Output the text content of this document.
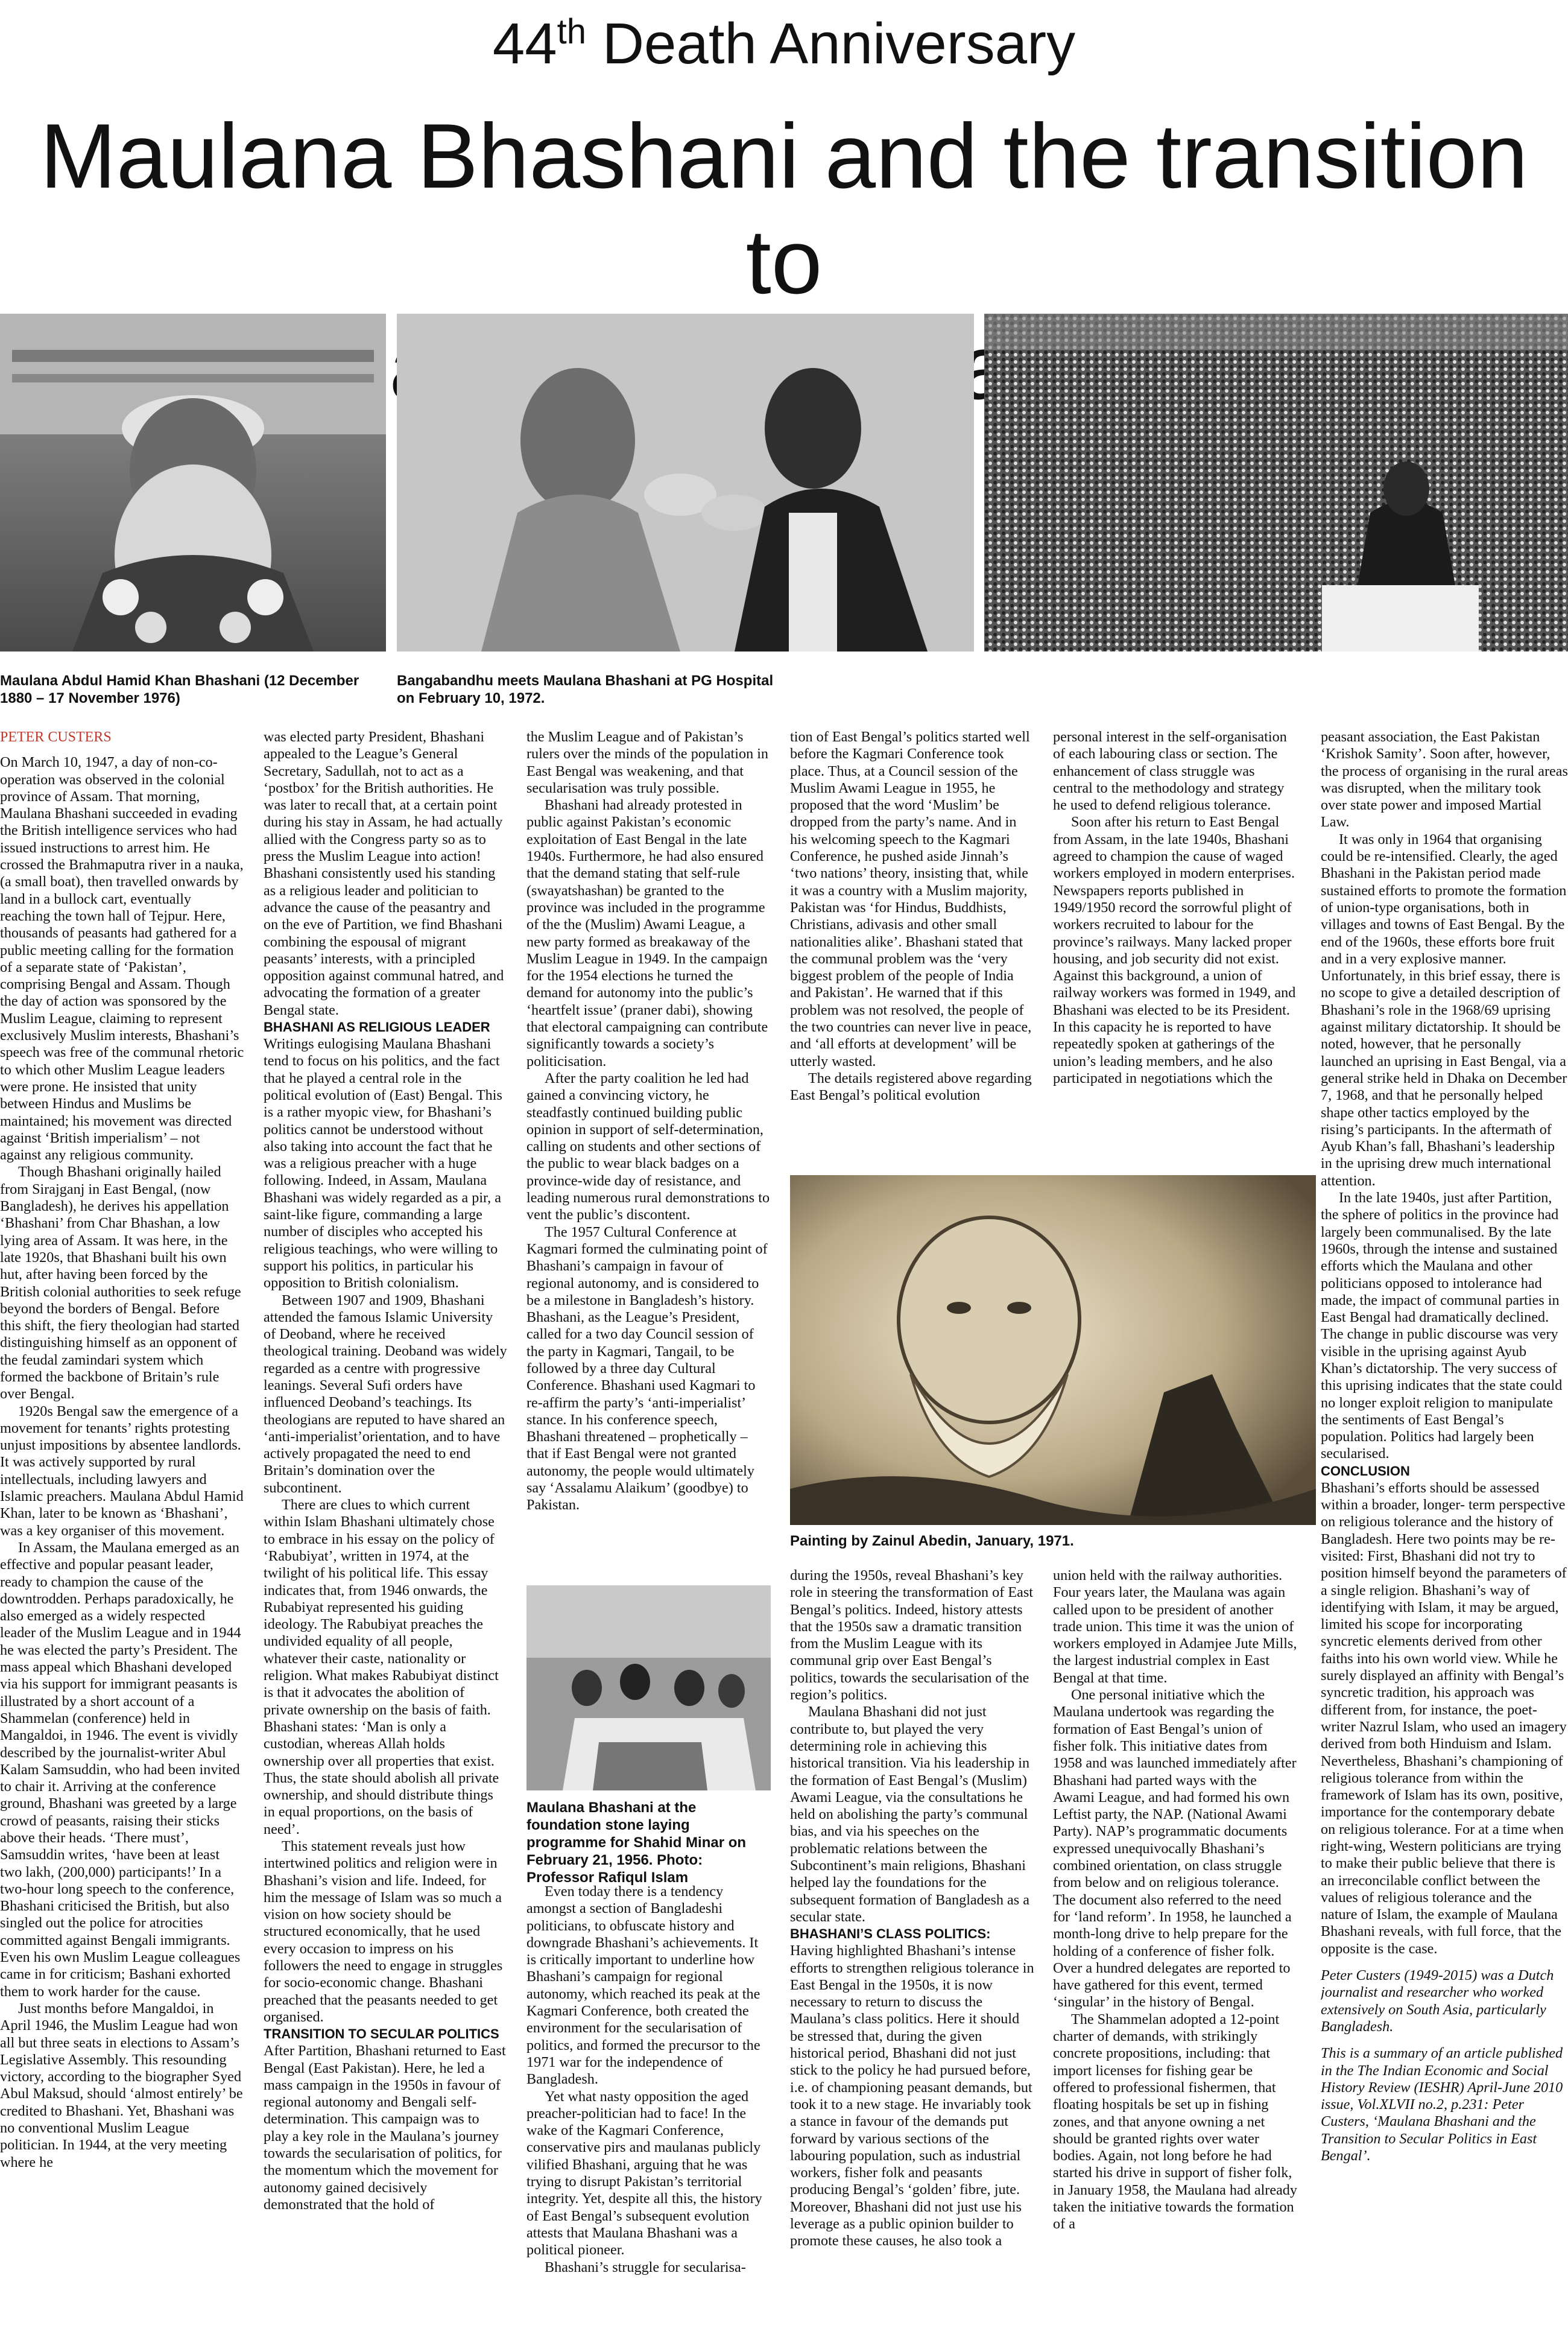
44th Death Anniversary
Maulana Bhashani and the transition to
Maulana Abdul Hamid Khan Bhashani (12 December 1880 – 17 November 1976)
Bangabandhu meets Maulana Bhashani at PG Hospital on February 10, 1972.
PETER CUSTERS

On March 10, 1947, a day of non-co-operation was observed in the colonial province of Assam. That morning, Maulana Bhashani succeeded in evading the British intelligence services who had issued instructions to arrest him. He crossed the Brahmaputra river in a nauka, (a small boat), then travelled onwards by land in a bullock cart, eventually reaching the town hall of Tejpur. Here, thousands of peasants had gathered for a public meeting calling for the formation of a separate state of ‘Pakistan’, comprising Bengal and Assam. Though the day of action was sponsored by the Muslim League, claiming to represent exclusively Muslim interests, Bhashani’s speech was free of the communal rhetoric to which other Muslim League leaders were prone. He insisted that unity between Hindus and Muslims be maintained; his movement was directed against ‘British imperialism’ – not against any religious community.

Though Bhashani originally hailed from Sirajganj in East Bengal, (now Bangladesh), he derives his appellation ‘Bhashani’ from Char Bhashan, a low lying area of Assam. It was here, in the late 1920s, that Bhashani built his own hut, after having been forced by the British colonial authorities to seek refuge beyond the borders of Bengal. Before this shift, the fiery theologian had started distinguishing himself as an opponent of the feudal zamindari system which formed the backbone of Britain’s rule over Bengal.

1920s Bengal saw the emergence of a movement for tenants’ rights protesting unjust impositions by absentee landlords. It was actively supported by rural intellectuals, including lawyers and Islamic preachers. Maulana Abdul Hamid Khan, later to be known as ‘Bhashani’, was a key organiser of this movement.

In Assam, the Maulana emerged as an effective and popular peasant leader, ready to champion the cause of the downtrodden. Perhaps paradoxically, he also emerged as a widely respected leader of the Muslim League and in 1944 he was elected the party’s President. The mass appeal which Bhashani developed via his support for immigrant peasants is illustrated by a short account of a Shammelan (conference) held in Mangaldoi, in 1946. The event is vividly described by the journalist-writer Abul Kalam Samsuddin, who had been invited to chair it. Arriving at the conference ground, Bhashani was greeted by a large crowd of peasants, raising their sticks above their heads. ‘There must’, Samsuddin writes, ‘have been at least two lakh, (200,000) participants!’ In a two-hour long speech to the conference, Bhashani criticised the British, but also singled out the police for atrocities committed against Bengali immigrants. Even his own Muslim League colleagues came in for criticism; Bashani exhorted them to work harder for the cause.

Just months before Mangaldoi, in April 1946, the Muslim League had won all but three seats in elections to Assam’s Legislative Assembly. This resounding victory, according to the biographer Syed Abul Maksud, should ‘almost entirely’ be credited to Bhashani. Yet, Bhashani was no conventional Muslim League politician. In 1944, at the very meeting where he

was elected party President, Bhashani appealed to the League’s General Secretary, Sadullah, not to act as a ‘postbox’ for the British authorities. He was later to recall that, at a certain point during his stay in Assam, he had actually allied with the Congress party so as to press the Muslim League into action! Bhashani consistently used his standing as a religious leader and politician to advance the cause of the peasantry and on the eve of Partition, we find Bhashani combining the espousal of migrant peasants’ interests, with a principled opposition against communal hatred, and advocating the formation of a greater Bengal state.

BHASHANI AS RELIGIOUS LEADER

Writings eulogising Maulana Bhashani tend to focus on his politics, and the fact that he played a central role in the political evolution of (East) Bengal. This is a rather myopic view, for Bhashani’s politics cannot be understood without also taking into account the fact that he was a religious preacher with a huge following. Indeed, in Assam, Maulana Bhashani was widely regarded as a pir, a saint-like figure, commanding a large number of disciples who accepted his religious teachings, who were willing to support his politics, in particular his opposition to British colonialism.

Between 1907 and 1909, Bhashani attended the famous Islamic University of Deoband, where he received theological training. Deoband was widely regarded as a centre with progressive leanings. Several Sufi orders have influenced Deoband’s teachings. Its theologians are reputed to have shared an ‘anti-imperialist’orientation, and to have actively propagated the need to end Britain’s domination over the subcontinent.

There are clues to which current within Islam Bhashani ultimately chose to embrace in his essay on the policy of ‘Rabubiyat’, written in 1974, at the twilight of his political life. This essay indicates that, from 1946 onwards, the Rubabiyat represented his guiding ideology. The Rabubiyat preaches the undivided equality of all people, whatever their caste, nationality or religion. What makes Rabubiyat distinct is that it advocates the abolition of private ownership on the basis of faith. Bhashani states: ‘Man is only a custodian, whereas Allah holds ownership over all properties that exist. Thus, the state should abolish all private ownership, and should distribute things in equal proportions, on the basis of need’.

This statement reveals just how intertwined politics and religion were in Bhashani’s vision and life. Indeed, for him the message of Islam was so much a vision on how society should be structured economically, that he used every occasion to impress on his followers the need to engage in struggles for socio-economic change. Bhashani preached that the peasants needed to get organised.

TRANSITION TO SECULAR POLITICS

After Partition, Bhashani returned to East Bengal (East Pakistan). Here, he led a mass campaign in the 1950s in favour of regional autonomy and Bengali self-determination. This campaign was to play a key role in the Maulana’s journey towards the secularisation of politics, for the momentum which the movement for autonomy gained decisively demonstrated that the hold of

the Muslim League and of Pakistan’s rulers over the minds of the population in East Bengal was weakening, and that secularisation was truly possible.

Bhashani had already protested in public against Pakistan’s economic exploitation of East Bengal in the late 1940s. Furthermore, he had also ensured that the demand stating that self-rule (swayatshashan) be granted to the province was included in the programme of the the (Muslim) Awami League, a new party formed as breakaway of the Muslim League in 1949. In the campaign for the 1954 elections he turned the demand for autonomy into the public’s ‘heartfelt issue’ (praner dabi), showing that electoral campaigning can contribute significantly towards a society’s politicisation.

After the party coalition he led had gained a convincing victory, he steadfastly continued building public opinion in support of self-determination, calling on students and other sections of the public to wear black badges on a province-wide day of resistance, and leading numerous rural demonstrations to vent the public’s discontent.

The 1957 Cultural Conference at Kagmari formed the culminating point of Bhashani’s campaign in favour of regional autonomy, and is considered to be a milestone in Bangladesh’s history. Bhashani, as the League’s President, called for a two day Council session of the party in Kagmari, Tangail, to be followed by a three day Cultural Conference. Bhashani used Kagmari to re-affirm the party’s ‘anti-imperialist’ stance. In his conference speech, Bhashani threatened – prophetically – that if East Bengal were not granted autonomy, the people would ultimately say ‘Assalamu Alaikum’ (goodbye) to Pakistan.

Maulana Bhashani at the foundation stone laying programme for Shahid Minar on February 21, 1956. Photo: Professor Rafiqul Islam

Even today there is a tendency amongst a section of Bangladeshi politicians, to obfuscate history and downgrade Bhashani’s achievements. It is critically important to underline how Bhashani’s campaign for regional autonomy, which reached its peak at the Kagmari Conference, both created the environment for the secularisation of politics, and formed the precursor to the 1971 war for the independence of Bangladesh.

Yet what nasty opposition the aged preacher-politician had to face! In the wake of the Kagmari Conference, conservative pirs and maulanas publicly vilified Bhashani, arguing that he was trying to disrupt Pakistan’s territorial integrity. Yet, despite all this, the history of East Bengal’s subsequent evolution attests that Maulana Bhashani was a political pioneer.

Bhashani’s struggle for secularisa-

tion of East Bengal’s politics started well before the Kagmari Conference took place. Thus, at a Council session of the Muslim Awami League in 1955, he proposed that the word ‘Muslim’ be dropped from the party’s name. And in his welcoming speech to the Kagmari Conference, he pushed aside Jinnah’s ‘two nations’ theory, insisting that, while it was a country with a Muslim majority, Pakistan was ‘for Hindus, Buddhists, Christians, adivasis and other small nationalities alike’. Bhashani stated that the communal problem was the ‘very biggest problem of the people of India and Pakistan’. He warned that if this problem was not resolved, the people of the two countries can never live in peace, and ‘all efforts at development’ will be utterly wasted.

The details registered above regarding East Bengal’s political evolution

personal interest in the self-organisation of each labouring class or section. The enhancement of class struggle was central to the methodology and strategy he used to defend religious tolerance.

Soon after his return to East Bengal from Assam, in the late 1940s, Bhashani agreed to champion the cause of waged workers employed in modern enterprises. Newspapers reports published in 1949/1950 record the sorrowful plight of workers recruited to labour for the province’s railways. Many lacked proper housing, and job security did not exist. Against this background, a union of railway workers was formed in 1949, and Bhashani was elected to be its President. In this capacity he is reported to have repeatedly spoken at gatherings of the union’s leading members, and he also participated in negotiations which the

Painting by Zainul Abedin, January, 1971.

during the 1950s, reveal Bhashani’s key role in steering the transformation of East Bengal’s politics. Indeed, history attests that the 1950s saw a dramatic transition from the Muslim League with its communal grip over East Bengal’s politics, towards the secularisation of the region’s politics.

Maulana Bhashani did not just contribute to, but played the very determining role in achieving this historical transition. Via his leadership in the formation of East Bengal’s (Muslim) Awami League, via the consultations he held on abolishing the party’s communal bias, and via his speeches on the problematic relations between the Subcontinent’s main religions, Bhashani helped lay the foundations for the subsequent formation of Bangladesh as a secular state.

BHASHANI’S CLASS POLITICS:

Having highlighted Bhashani’s intense efforts to strengthen religious tolerance in East Bengal in the 1950s, it is now necessary to return to discuss the Maulana’s class politics. Here it should be stressed that, during the given historical period, Bhashani did not just stick to the policy he had pursued before, i.e. of championing peasant demands, but took it to a new stage. He invariably took a stance in favour of the demands put forward by various sections of the labouring population, such as industrial workers, fisher folk and peasants producing Bengal’s ‘golden’ fibre, jute. Moreover, Bhashani did not just use his leverage as a public opinion builder to promote these causes, he also took a

union held with the railway authorities. Four years later, the Maulana was again called upon to be president of another trade union. This time it was the union of workers employed in Adamjee Jute Mills, the largest industrial complex in East Bengal at that time.

One personal initiative which the Maulana undertook was regarding the formation of East Bengal’s union of fisher folk. This initiative dates from 1958 and was launched immediately after Bhashani had parted ways with the Awami League, and had formed his own Leftist party, the NAP. (National Awami Party). NAP’s programmatic documents expressed unequivocally Bhashani’s combined orientation, on class struggle from below and on religious tolerance. The document also referred to the need for ‘land reform’. In 1958, he launched a month-long drive to help prepare for the holding of a conference of fisher folk. Over a hundred delegates are reported to have gathered for this event, termed ‘singular’ in the history of Bengal.

The Shammelan adopted a 12-point charter of demands, with strikingly concrete propositions, including: that import licenses for fishing gear be offered to professional fishermen, that floating hospitals be set up in fishing zones, and that anyone owning a net should be granted rights over water bodies. Again, not long before he had started his drive in support of fisher folk, in January 1958, the Maulana had already taken the initiative towards the formation of a

peasant association, the East Pakistan ‘Krishok Samity’. Soon after, however, the process of organising in the rural areas was disrupted, when the military took over state power and imposed Martial Law.

It was only in 1964 that organising could be re-intensified. Clearly, the aged Bhashani in the Pakistan period made sustained efforts to promote the formation of union-type organisations, both in villages and towns of East Bengal. By the end of the 1960s, these efforts bore fruit and in a very explosive manner. Unfortunately, in this brief essay, there is no scope to give a detailed description of Bhashani’s role in the 1968/69 uprising against military dictatorship. It should be noted, however, that he personally launched an uprising in East Bengal, via a general strike held in Dhaka on December 7, 1968, and that he personally helped shape other tactics employed by the rising’s participants. In the aftermath of Ayub Khan’s fall, Bhashani’s leadership in the uprising drew much international attention.

In the late 1940s, just after Partition, the sphere of politics in the province had largely been communalised. By the late 1960s, through the intense and sustained efforts which the Maulana and other politicians opposed to intolerance had made, the impact of communal parties in East Bengal had dramatically declined. The change in public discourse was very visible in the uprising against Ayub Khan’s dictatorship. The very success of this uprising indicates that the state could no longer exploit religion to manipulate the sentiments of East Bengal’s population. Politics had largely been secularised.

CONCLUSION

Bhashani’s efforts should be assessed within a broader, longer- term perspective on religious tolerance and the history of Bangladesh. Here two points may be re-visited: First, Bhashani did not try to position himself beyond the parameters of a single religion. Bhashani’s way of identifying with Islam, it may be argued, limited his scope for incorporating syncretic elements derived from other faiths into his own world view. While he surely displayed an affinity with Bengal’s syncretic tradition, his approach was different from, for instance, the poet-writer Nazrul Islam, who used an imagery derived from both Hinduism and Islam. Nevertheless, Bhashani’s championing of religious tolerance from within the framework of Islam has its own, positive, importance for the contemporary debate on religious tolerance. For at a time when right-wing, Western politicians are trying to make their public believe that there is an irreconcilable conflict between the values of religious tolerance and the nature of Islam, the example of Maulana Bhashani reveals, with full force, that the opposite is the case.

Peter Custers (1949-2015) was a Dutch journalist and researcher who worked extensively on South Asia, particularly Bangladesh.

This is a summary of an article published in the The Indian Economic and Social History Review (IESHR) April-June 2010 issue, Vol.XLVII no.2, p.231: Peter Custers, ‘Maulana Bhashani and the Transition to Secular Politics in East Bengal’.
